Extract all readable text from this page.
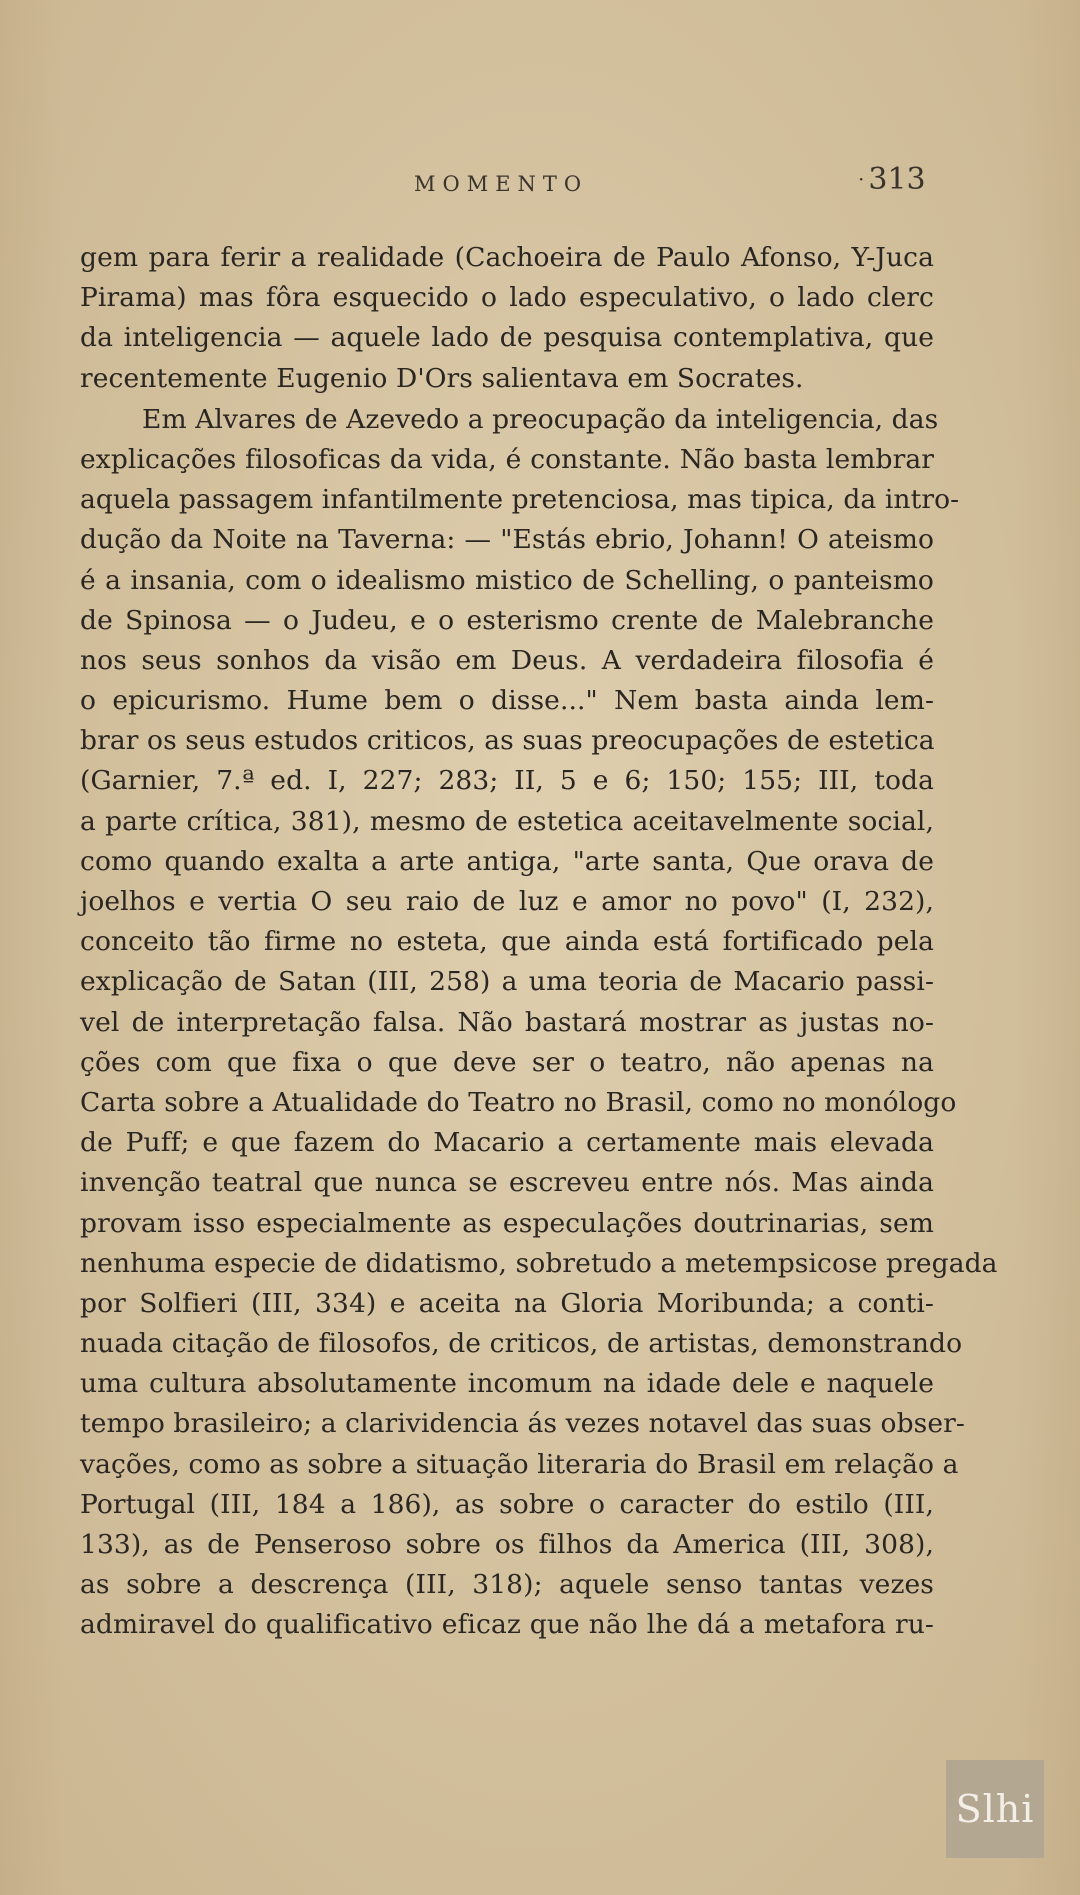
MOMENTO	· 313
gem para ferir a realidade (Cachoeira de Paulo Afonso, Y-Juca
Pirama) mas fôra esquecido o lado especulativo, o lado clerc
da inteligencia — aquele lado de pesquisa contemplativa, que
recentemente Eugenio D'Ors salientava em Socrates.
Em Alvares de Azevedo a preocupação da inteligencia, das
explicações filosoficas da vida, é constante. Não basta lembrar
aquela passagem infantilmente pretenciosa, mas tipica, da intro-
dução da Noite na Taverna: — "Estás ebrio, Johann! O ateismo
é a insania, com o idealismo mistico de Schelling, o panteismo
de Spinosa — o Judeu, e o esterismo crente de Malebranche
nos seus sonhos da visão em Deus. A verdadeira filosofia é
o epicurismo. Hume bem o disse..." Nem basta ainda lem-
brar os seus estudos criticos, as suas preocupações de estetica
(Garnier, 7.ª ed. I, 227; 283; II, 5 e 6; 150; 155; III, toda
a parte crítica, 381), mesmo de estetica aceitavelmente social,
como quando exalta a arte antiga, "arte santa, Que orava de
joelhos e vertia O seu raio de luz e amor no povo" (I, 232),
conceito tão firme no esteta, que ainda está fortificado pela
explicação de Satan (III, 258) a uma teoria de Macario passi-
vel de interpretação falsa. Não bastará mostrar as justas no-
ções com que fixa o que deve ser o teatro, não apenas na
Carta sobre a Atualidade do Teatro no Brasil, como no monólogo
de Puff; e que fazem do Macario a certamente mais elevada
invenção teatral que nunca se escreveu entre nós. Mas ainda
provam isso especialmente as especulações doutrinarias, sem
nenhuma especie de didatismo, sobretudo a metempsicose pregada
por Solfieri (III, 334) e aceita na Gloria Moribunda; a conti-
nuada citação de filosofos, de criticos, de artistas, demonstrando
uma cultura absolutamente incomum na idade dele e naquele
tempo brasileiro; a clarividencia ás vezes notavel das suas obser-
vações, como as sobre a situação literaria do Brasil em relação a
Portugal (III, 184 a 186), as sobre o caracter do estilo (III,
133), as de Penseroso sobre os filhos da America (III, 308),
as sobre a descrença (III, 318); aquele senso tantas vezes
admiravel do qualificativo eficaz que não lhe dá a metafora ru-
Slhi
